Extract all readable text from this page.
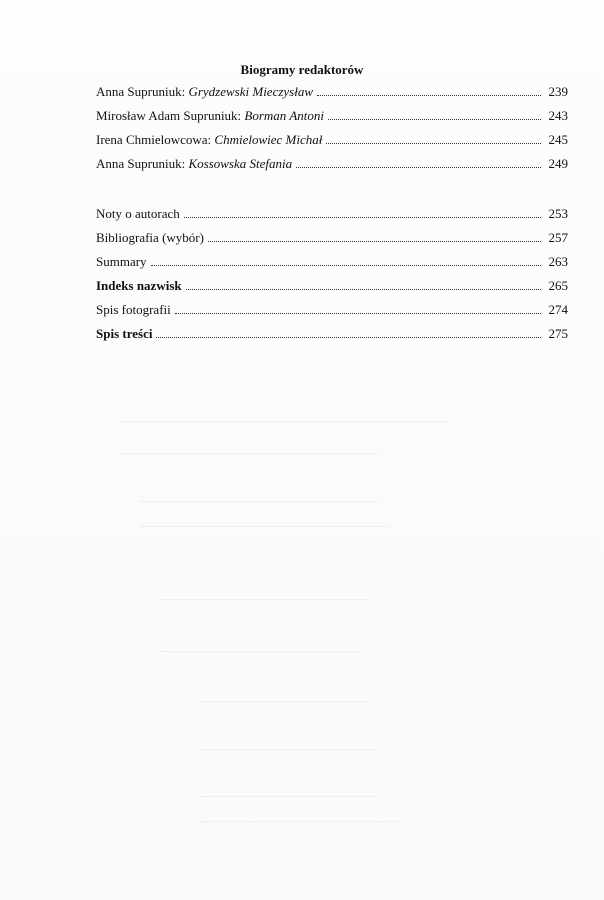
Biogramy redaktorów
Anna Supruniuk: Grydzewski Mieczysław	239
Mirosław Adam Supruniuk: Borman Antoni	243
Irena Chmielowcowa: Chmielowiec Michał	245
Anna Supruniuk: Kossowska Stefania	249
Noty o autorach	253
Bibliografia (wybór)	257
Summary	263
Indeks nazwisk	265
Spis fotografii	274
Spis treści	275
